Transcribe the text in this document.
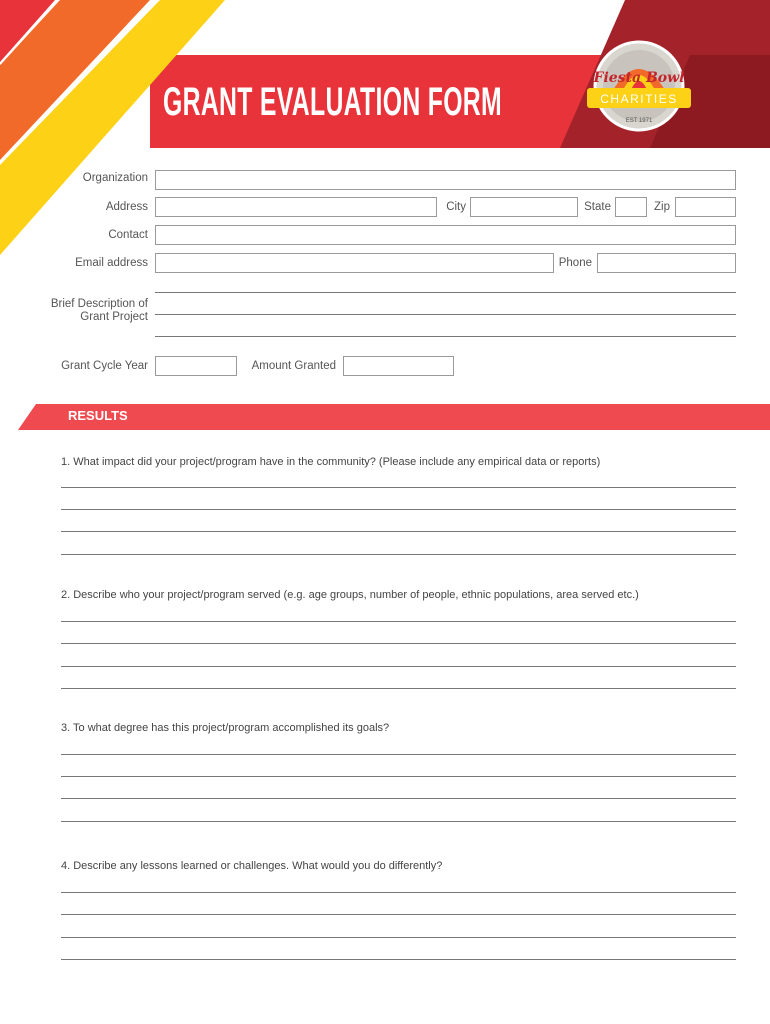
GRANT EVALUATION FORM
Fiesta Bowl
CHARITIES
EST 1971
Organization
Address	City	State	Zip
Contact
Email address	Phone
Brief Description of
Grant Project
Grant Cycle Year	Amount Granted
RESULTS
1. What impact did your project/program have in the community? (Please include any empirical data or reports)
2. Describe who your project/program served (e.g. age groups, number of people, ethnic populations, area served etc.)
3. To what degree has this project/program accomplished its goals?
4. Describe any lessons learned or challenges. What would you do differently?
